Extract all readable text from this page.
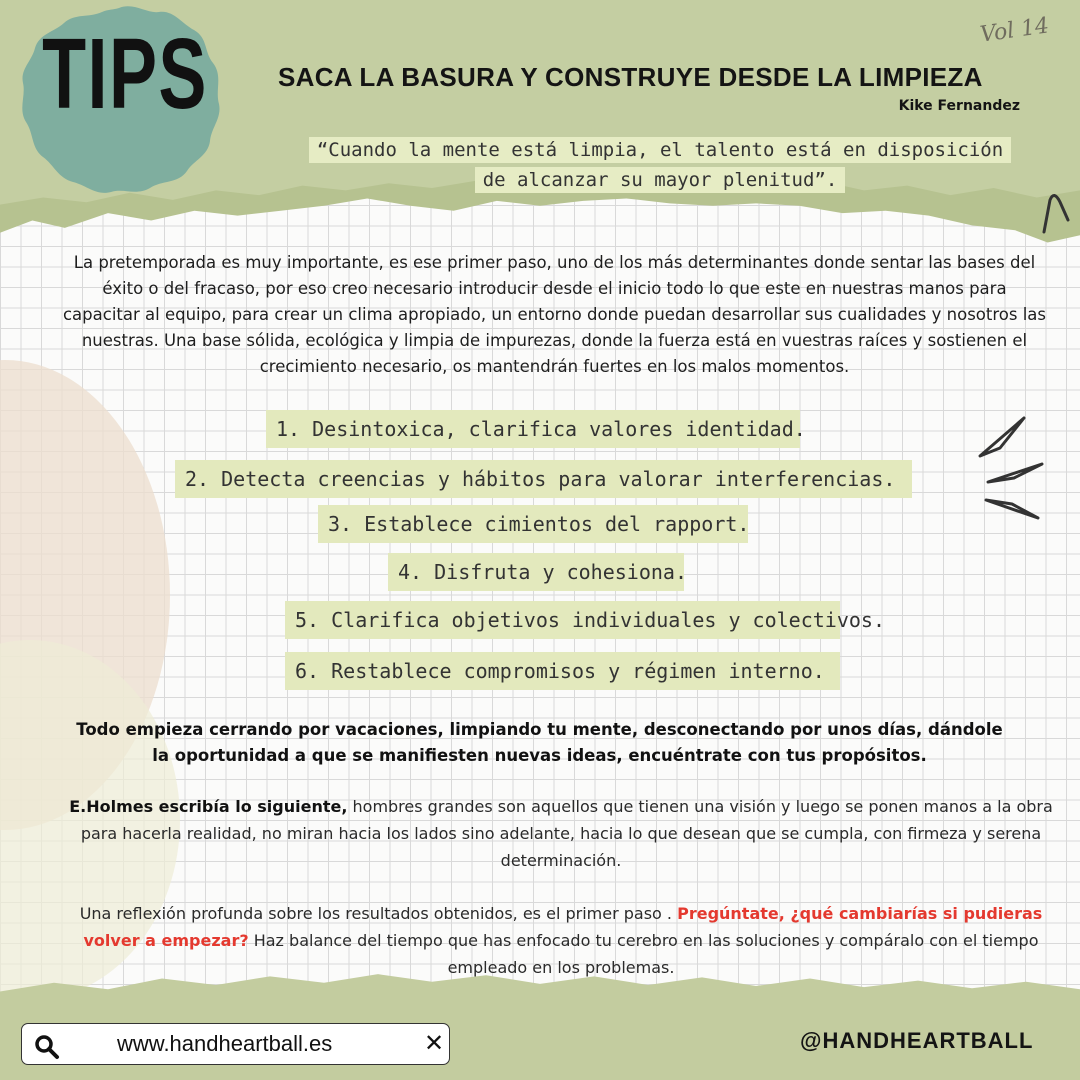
TIPS	Vol 14
SACA LA BASURA Y CONSTRUYE DESDE LA LIMPIEZA
Kike Fernandez
“Cuando la mente está limpia, el talento está en disposición de alcanzar su mayor plenitud”.
La pretemporada es muy importante, es ese primer paso, uno de los más determinantes donde sentar las bases del éxito o del fracaso, por eso creo necesario introducir desde el inicio todo lo que este en nuestras manos para capacitar al equipo, para crear un clima apropiado, un entorno donde puedan desarrollar sus cualidades y nosotros las nuestras. Una base sólida, ecológica y limpia de impurezas, donde la fuerza está en vuestras raíces y sostienen el crecimiento necesario, os mantendrán fuertes en los malos momentos.
1. Desintoxica, clarifica valores identidad.
2. Detecta creencias y hábitos para valorar interferencias.
3. Establece cimientos del rapport.
4. Disfruta y cohesiona.
5. Clarifica objetivos individuales y colectivos.
6. Restablece compromisos y régimen interno.
Todo empieza cerrando por vacaciones, limpiando tu mente, desconectando por unos días, dándole la oportunidad a que se manifiesten nuevas ideas, encuéntrate con tus propósitos.
E.Holmes escribía lo siguiente, hombres grandes son aquellos que tienen una visión y luego se ponen manos a la obra para hacerla realidad, no miran hacia los lados sino adelante, hacia lo que desean que se cumpla, con firmeza y serena determinación.
Una reflexión profunda sobre los resultados obtenidos, es el primer paso . Pregúntate, ¿qué cambiarías si pudieras volver a empezar? Haz balance del tiempo que has enfocado tu cerebro en las soluciones y compáralo con el tiempo empleado en los problemas.
www.handheartball.es	✕	@HANDHEARTBALL
